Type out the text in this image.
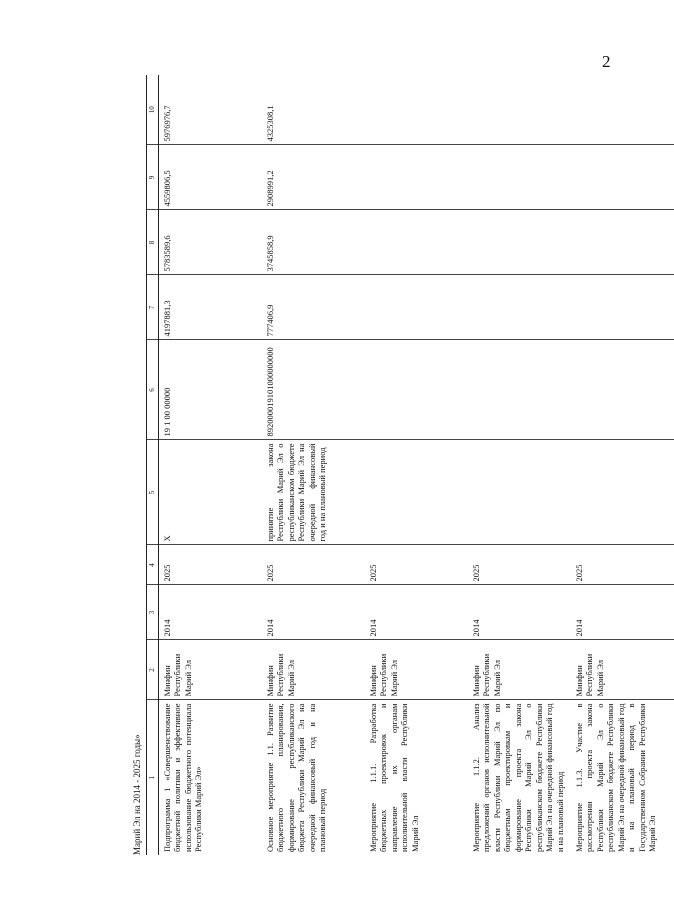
2
Марий Эл на 2014 - 2025 годы» 1	2	3	4	5	6	7	8	9	10
Подпрограмма 1 «Совершенствование бюджетной политики и эффективное использование бюджетного потенциала Республики Марий Эл»	Минфин Республики Марий Эл	2014	2025	Х	19 1 00 00000	4197881,3	5783589,6	4559806,5	5976976,7
Основное мероприятие 1.1. Развитие бюджетного планирования, формирование республиканского бюджета Республики Марий Эл на очередной финансовый год и на плановый период	Минфин Республики Марий Эл	2014	2025	принятие закона Республики Марий Эл о республиканском бюджете Республики Марий Эл на очередной финансовый год и на плановый период	892000019101000000000	777406,9	3745858,9	2908991,2	4325308,1
Мероприятие 1.1.1. Разработка бюджетных проектировок и направление их органам исполнительной власти Республики Марий Эл	Минфин Республики Марий Эл	2014	2025						
Мероприятие 1.1.2. Анализ предложений органов исполнительной власти Республики Марий Эл по бюджетным проектировкам и формирование проекта закона Республики Марий Эл о республиканском бюджете Республики Марий Эл на очередной финансовый год и на плановый период	Минфин Республики Марий Эл	2014	2025						
Мероприятие 1.1.3. Участие в рассмотрении проекта закона Республики Марий Эл о республиканском бюджете Республики Марий Эл на очередной финансовый год и на плановый период в Государственном Собрании Республики Марий Эл	Минфин Республики Марий Эл	2014	2025						
